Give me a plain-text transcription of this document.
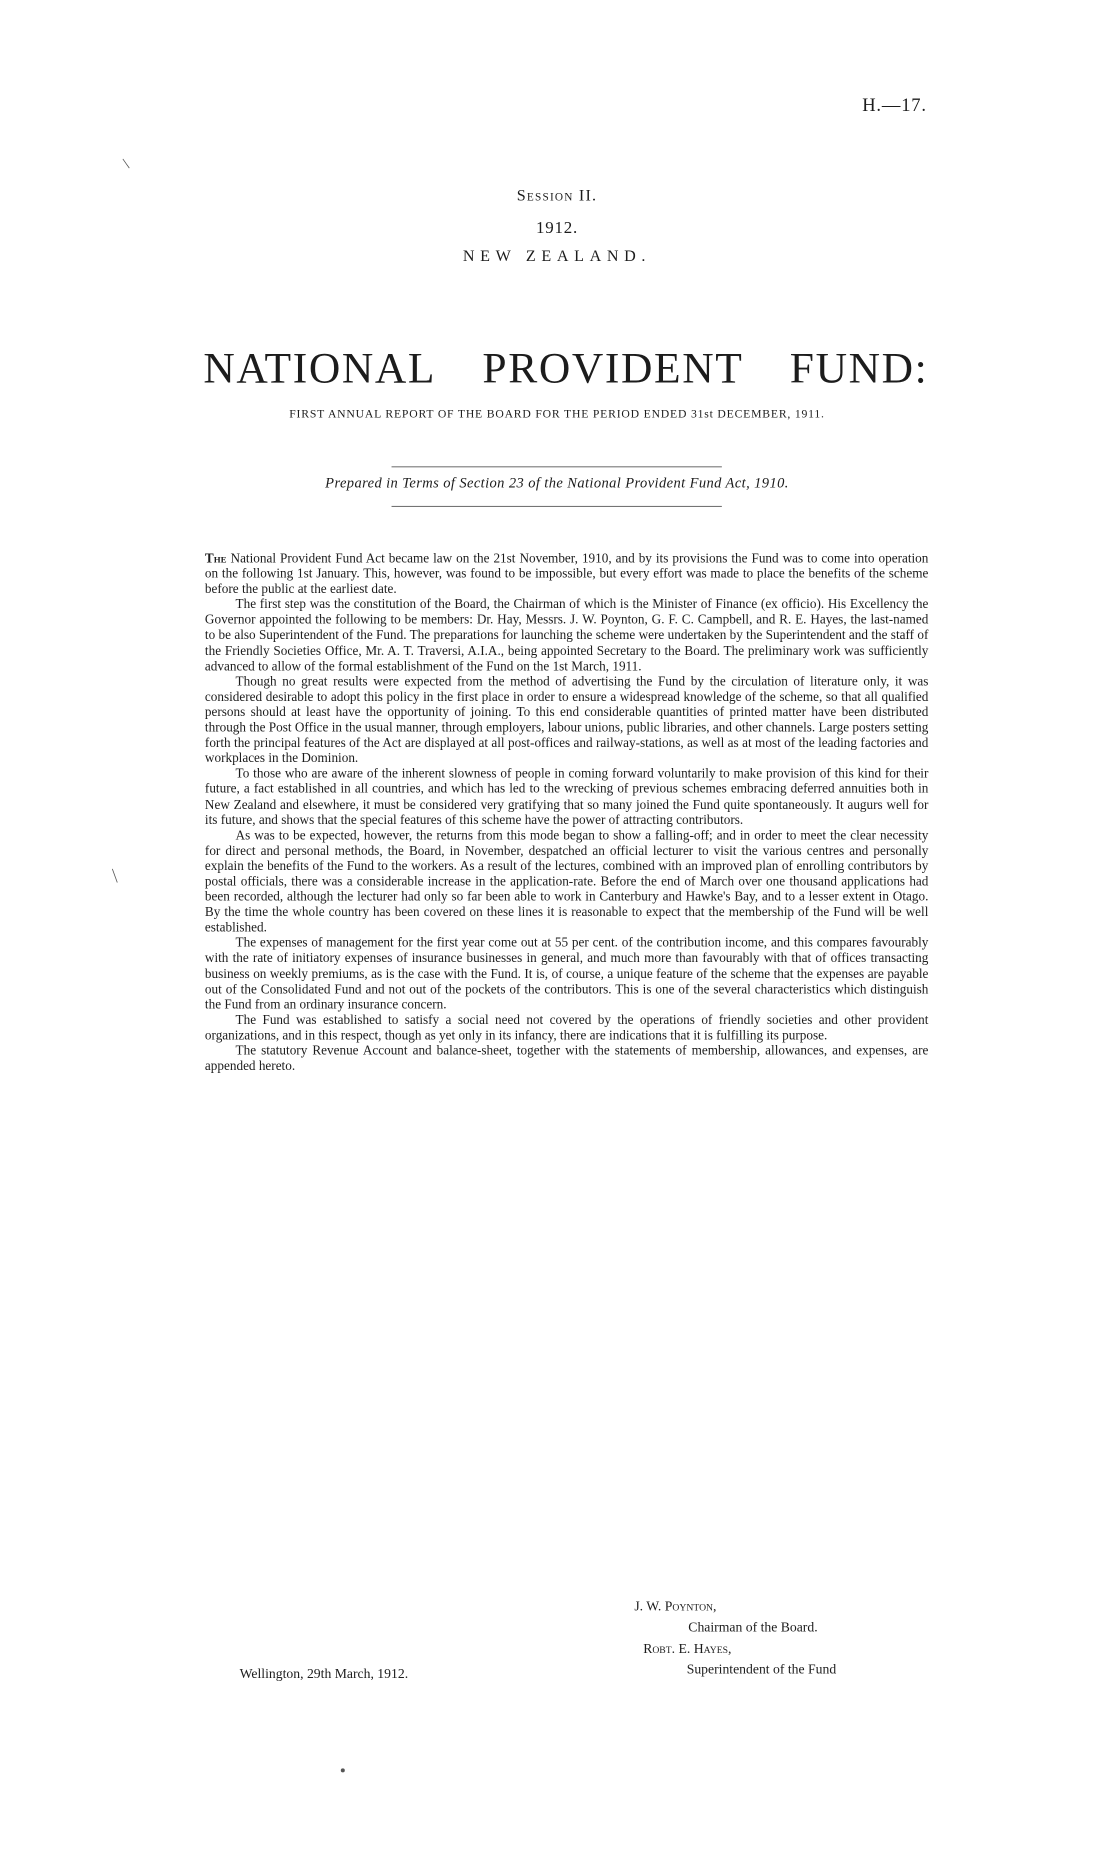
H.—17.
Session II.
1912.
NEW ZEALAND.
NATIONAL PROVIDENT FUND:
FIRST ANNUAL REPORT OF THE BOARD FOR THE PERIOD ENDED 31st DECEMBER, 1911.
Prepared in Terms of Section 23 of the National Provident Fund Act, 1910.

The National Provident Fund Act became law on the 21st November, 1910, and by its provisions the Fund was to come into operation on the following 1st January. This, however, was found to be impossible, but every effort was made to place the benefits of the scheme before the public at the earliest date.

The first step was the constitution of the Board, the Chairman of which is the Minister of Finance (ex officio). His Excellency the Governor appointed the following to be members: Dr. Hay, Messrs. J. W. Poynton, G. F. C. Campbell, and R. E. Hayes, the last-named to be also Superintendent of the Fund. The preparations for launching the scheme were undertaken by the Superintendent and the staff of the Friendly Societies Office, Mr. A. T. Traversi, A.I.A., being appointed Secretary to the Board. The preliminary work was sufficiently advanced to allow of the formal establishment of the Fund on the 1st March, 1911.

Though no great results were expected from the method of advertising the Fund by the circulation of literature only, it was considered desirable to adopt this policy in the first place in order to ensure a widespread knowledge of the scheme, so that all qualified persons should at least have the opportunity of joining. To this end considerable quantities of printed matter have been distributed through the Post Office in the usual manner, through employers, labour unions, public libraries, and other channels. Large posters setting forth the principal features of the Act are displayed at all post-offices and railway-stations, as well as at most of the leading factories and workplaces in the Dominion.

To those who are aware of the inherent slowness of people in coming forward voluntarily to make provision of this kind for their future, a fact established in all countries, and which has led to the wrecking of previous schemes embracing deferred annuities both in New Zealand and elsewhere, it must be considered very gratifying that so many joined the Fund quite spontaneously. It augurs well for its future, and shows that the special features of this scheme have the power of attracting contributors.

As was to be expected, however, the returns from this mode began to show a falling-off; and in order to meet the clear necessity for direct and personal methods, the Board, in November, despatched an official lecturer to visit the various centres and personally explain the benefits of the Fund to the workers. As a result of the lectures, combined with an improved plan of enrolling contributors by postal officials, there was a considerable increase in the application-rate. Before the end of March over one thousand applications had been recorded, although the lecturer had only so far been able to work in Canterbury and Hawke's Bay, and to a lesser extent in Otago. By the time the whole country has been covered on these lines it is reasonable to expect that the membership of the Fund will be well established.

The expenses of management for the first year come out at 55 per cent. of the contribution income, and this compares favourably with the rate of initiatory expenses of insurance businesses in general, and much more than favourably with that of offices transacting business on weekly premiums, as is the case with the Fund. It is, of course, a unique feature of the scheme that the expenses are payable out of the Consolidated Fund and not out of the pockets of the contributors. This is one of the several characteristics which distinguish the Fund from an ordinary insurance concern.

The Fund was established to satisfy a social need not covered by the operations of friendly societies and other provident organizations, and in this respect, though as yet only in its infancy, there are indications that it is fulfilling its purpose.

The statutory Revenue Account and balance-sheet, together with the statements of membership, allowances, and expenses, are appended hereto.

J. W. Poynton,
Chairman of the Board.
Robt. E. Hayes,
Superintendent of the Fund
Wellington, 29th March, 1912.
